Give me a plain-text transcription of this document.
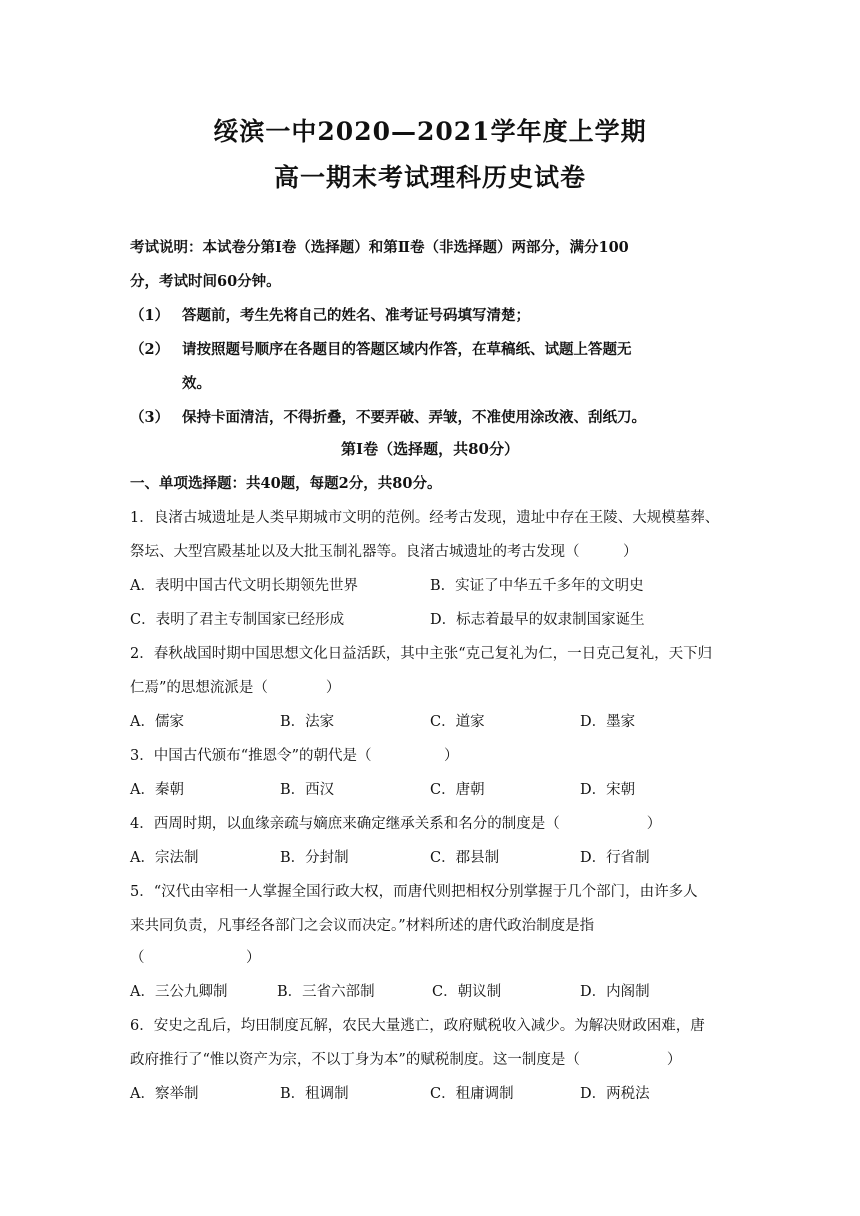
绥滨一中2020—2021学年度上学期
高一期末考试理科历史试卷
考试说明：本试卷分第Ⅰ卷（选择题）和第Ⅱ卷（非选择题）两部分，满分100
分，考试时间60分钟。
（1） 答题前，考生先将自己的姓名、准考证号码填写清楚；
（2） 请按照题号顺序在各题目的答题区域内作答，在草稿纸、试题上答题无
效。
（3） 保持卡面清洁，不得折叠，不要弄破、弄皱，不准使用涂改液、刮纸刀。
第Ⅰ卷（选择题，共80分）
一、单项选择题：共40题，每题2分，共80分。
1．良渚古城遗址是人类早期城市文明的范例。经考古发现，遗址中存在王陵、大规模墓葬、
祭坛、大型宫殿基址以及大批玉制礼器等。良渚古城遗址的考古发现（　　　）
A．表明中国古代文明长期领先世界	B．实证了中华五千多年的文明史
C．表明了君主专制国家已经形成	D．标志着最早的奴隶制国家诞生
2．春秋战国时期中国思想文化日益活跃，其中主张“克己复礼为仁，一日克己复礼，天下归
仁焉”的思想流派是（　　　　）
A．儒家	B．法家	C．道家	D．墨家
3．中国古代颁布“推恩令”的朝代是（　　　　　）
A．秦朝	B．西汉	C．唐朝	D．宋朝
4．西周时期，以血缘亲疏与嫡庶来确定继承关系和名分的制度是（　　　　　　）
A．宗法制	B．分封制	C．郡县制	D．行省制
5．“汉代由宰相一人掌握全国行政大权，而唐代则把相权分别掌握于几个部门，由许多人
来共同负责，凡事经各部门之会议而决定。”材料所述的唐代政治制度是指
（　　　　　　　）
A．三公九卿制	B．三省六部制	C．朝议制	D．内阁制
6．安史之乱后，均田制度瓦解，农民大量逃亡，政府赋税收入减少。为解决财政困难，唐
政府推行了“惟以资产为宗，不以丁身为本”的赋税制度。这一制度是（　　　　　　）
A．察举制	B．租调制	C．租庸调制	D．两税法
